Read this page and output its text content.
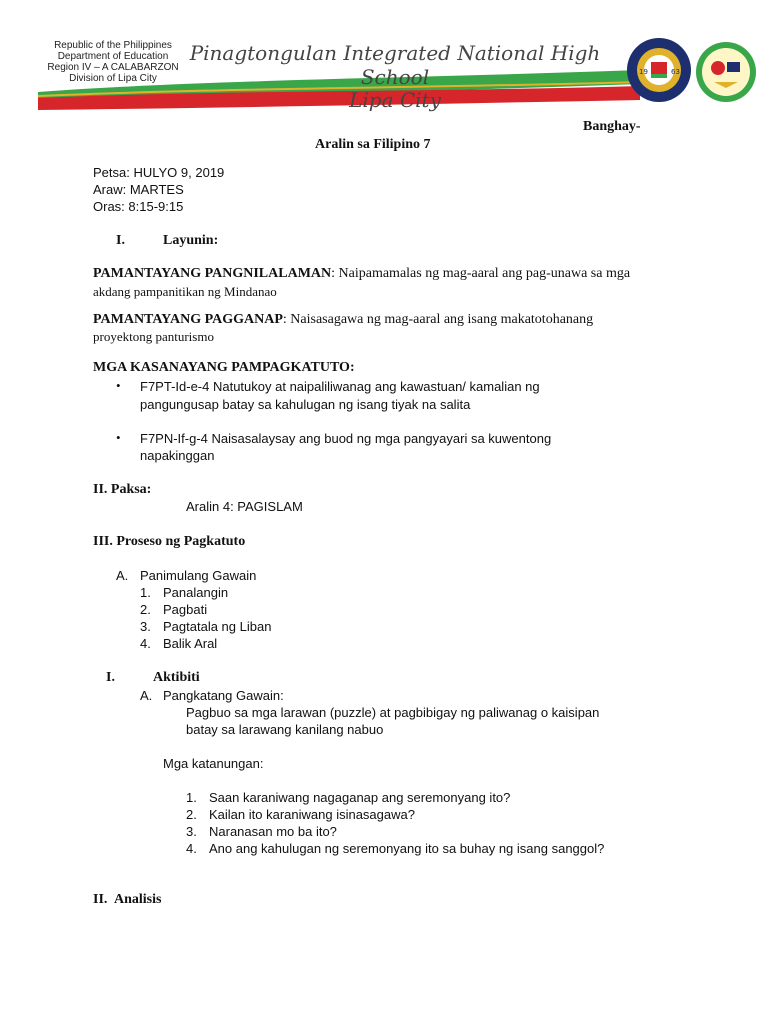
Republic of the Philippines
Department of Education
Region IV – A CALABARZON
Division of Lipa City
Pinagtongulan Integrated National High School
Lipa City
19	63
Banghay-
Aralin sa Filipino 7
Petsa: HULYO 9, 2019
Araw: MARTES
Oras: 8:15-9:15
I.	Layunin:
PAMANTAYANG PANGNILALAMAN: Naipamamalas ng mag-aaral ang pag-unawa sa mga
akdang pampanitikan ng Mindanao
PAMANTAYANG PAGGANAP: Naisasagawa ng mag-aaral ang isang makatotohanang
proyektong panturismo
MGA KASANAYANG PAMPAGKATUTO:
• F7PT-Id-e-4 Natutukoy at naipaliliwanag ang kawastuan/ kamalian ng
pangungusap batay sa kahulugan ng isang tiyak na salita
• F7PN-If-g-4 Naisasalaysay ang buod ng mga pangyayari sa kuwentong
napakinggan
II. Paksa:
Aralin 4: PAGISLAM
III. Proseso ng Pagkatuto
A. Panimulang Gawain
1. Panalangin
2. Pagbati
3. Pagtatala ng Liban
4. Balik Aral
I.	Aktibiti
A. Pangkatang Gawain:
Pagbuo sa mga larawan (puzzle) at pagbibigay ng paliwanag o kaisipan
batay sa larawang kanilang nabuo
Mga katanungan:
1. Saan karaniwang nagaganap ang seremonyang ito?
2. Kailan ito karaniwang isinasagawa?
3. Naranasan mo ba ito?
4. Ano ang kahulugan ng seremonyang ito sa buhay ng isang sanggol?
II. Analisis
